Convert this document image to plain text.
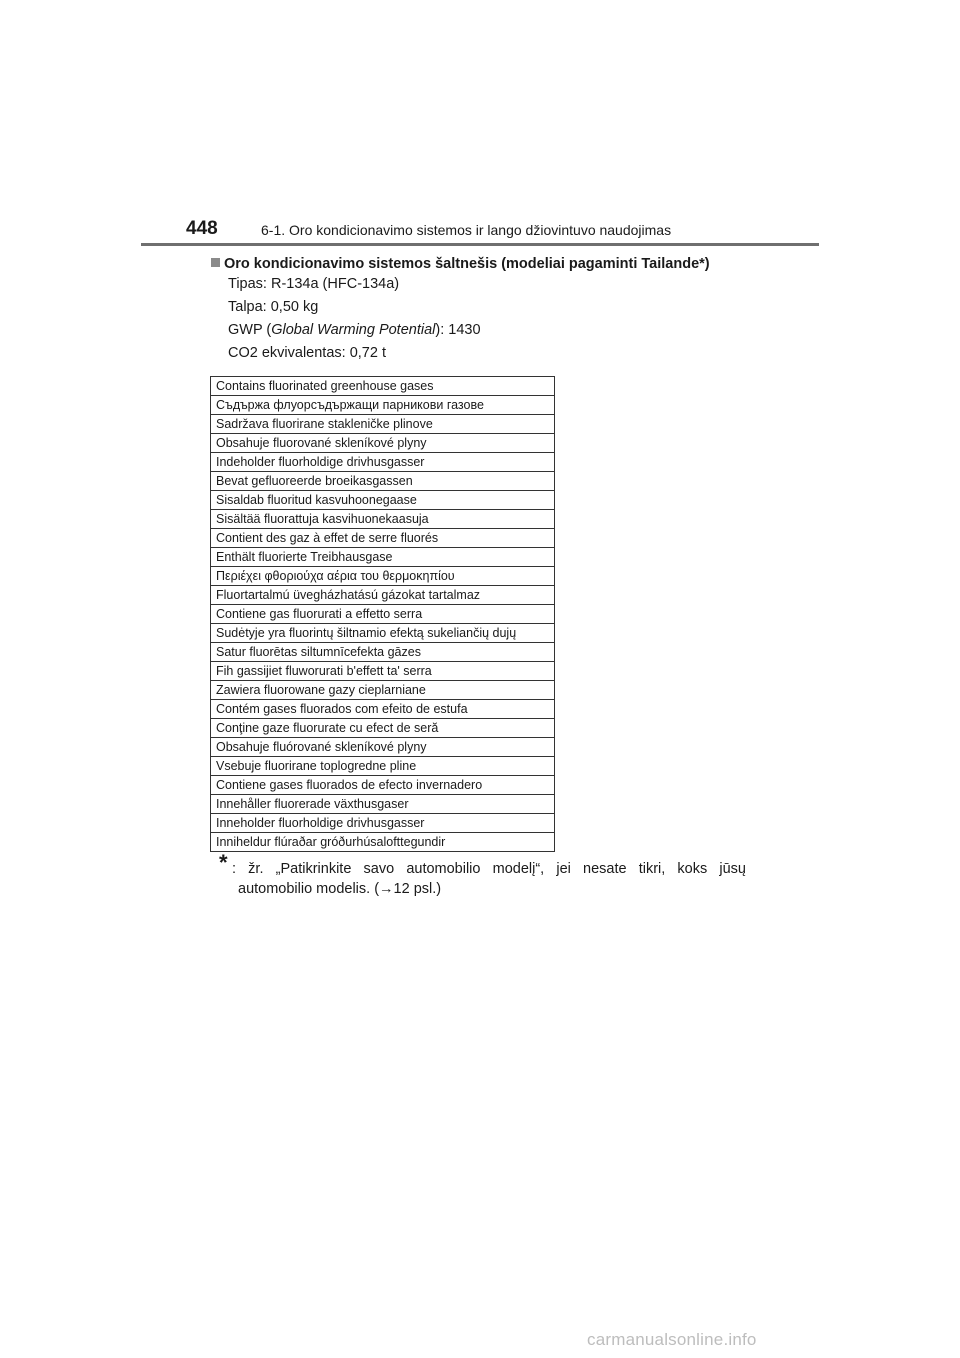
448	6-1. Oro kondicionavimo sistemos ir lango džiovintuvo naudojimas
Oro kondicionavimo sistemos šaltnešis (modeliai pagaminti Tailande*)
Tipas: R-134a (HFC-134a)
Talpa: 0,50 kg
GWP (Global Warming Potential): 1430
CO2 ekvivalentas: 0,72 t
Contains fluorinated greenhouse gases
Съдържа флуорсъдържащи парникови газове
Sadržava fluorirane stakleničke plinove
Obsahuje fluorované skleníkové plyny
Indeholder fluorholdige drivhusgasser
Bevat gefluoreerde broeikasgassen
Sisaldab fluoritud kasvuhoonegaase
Sisältää fluorattuja kasvihuonekaasuja
Contient des gaz à effet de serre fluorés
Enthält fluorierte Treibhausgase
Περιέχει φθοριούχα αέρια του θερμοκηπίου
Fluortartalmú üvegházhatású gázokat tartalmaz
Contiene gas fluorurati a effetto serra
Sudėtyje yra fluorintų šiltnamio efektą sukeliančių dujų
Satur fluorētas siltumnīcefekta gāzes
Fih gassijiet fluworurati b'effett ta' serra
Zawiera fluorowane gazy cieplarniane
Contém gases fluorados com efeito de estufa
Conţine gaze fluorurate cu efect de seră
Obsahuje fluórované skleníkové plyny
Vsebuje fluorirane toplogredne pline
Contiene gases fluorados de efecto invernadero
Innehåller fluorerade växthusgaser
Inneholder fluorholdige drivhusgasser
Inniheldur flúraðar gróðurhúsalofttegundir
* : žr. „Patikrinkite savo automobilio modelį“, jei nesate tikri, koks jūsų
automobilio modelis. (→12 psl.)
carmanualsonline.info
